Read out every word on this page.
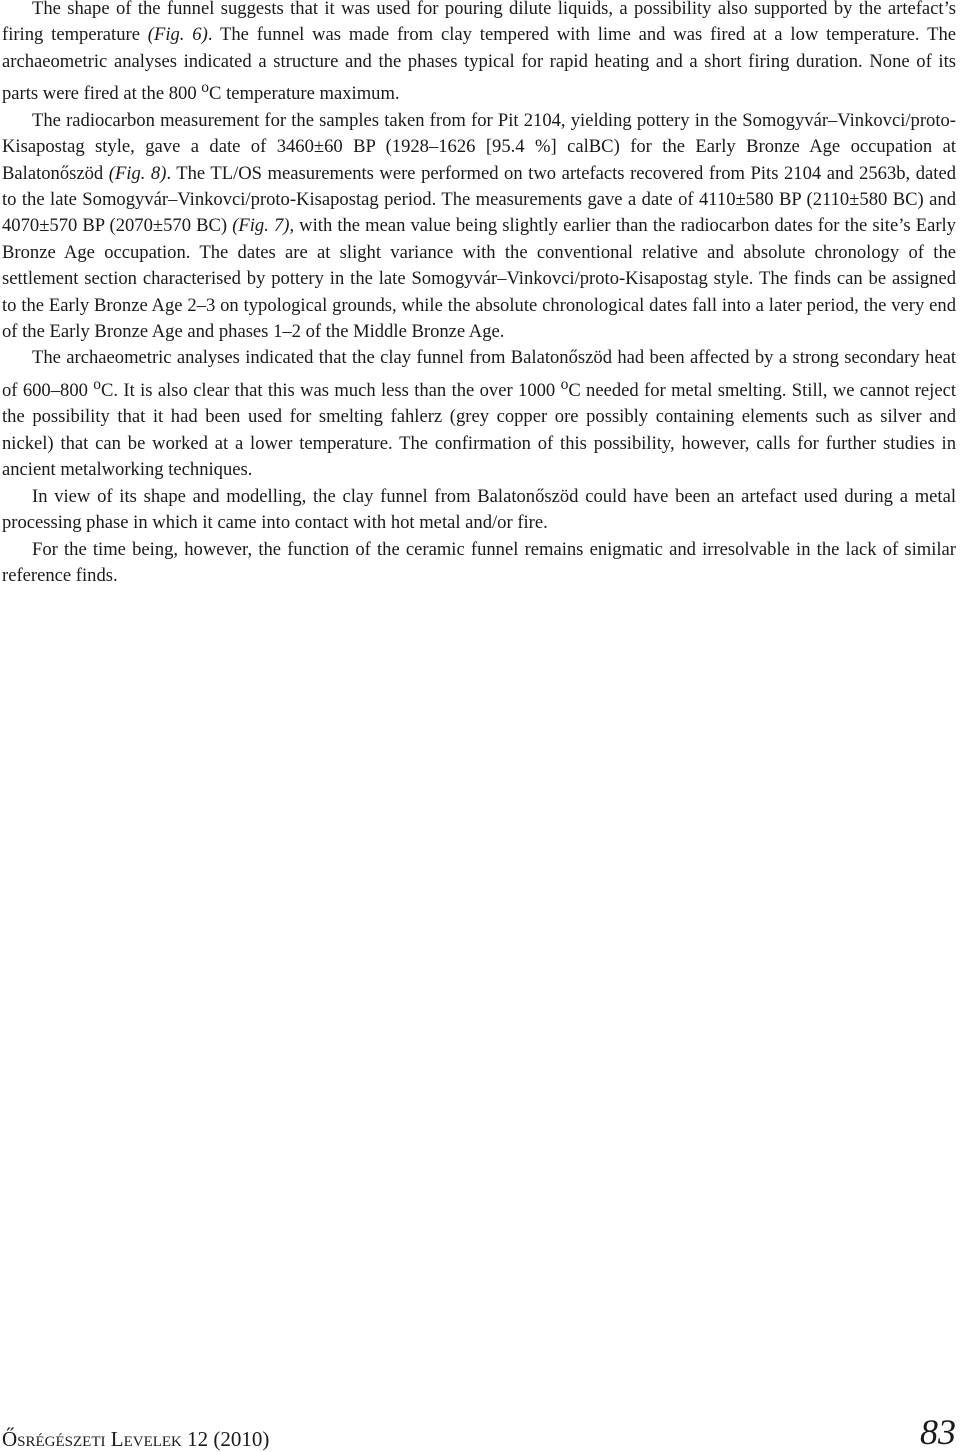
The shape of the funnel suggests that it was used for pouring dilute liquids, a possibility also supported by the artefact’s firing temperature (Fig. 6). The funnel was made from clay tempered with lime and was fired at a low temperature. The archaeometric analyses indicated a structure and the phases typical for rapid heating and a short firing duration. None of its parts were fired at the 800 $^o$C temperature maximum.

The radiocarbon measurement for the samples taken from for Pit 2104, yielding pottery in the Somogyvár–Vinkovci/proto-Kisapostag style, gave a date of 3460±60 BP (1928–1626 [95.4 %] calBC) for the Early Bronze Age occupation at Balatonőszöd (Fig. 8). The TL/OS measurements were performed on two artefacts recovered from Pits 2104 and 2563b, dated to the late Somogyvár–Vinkovci/proto-Kisapostag period. The measurements gave a date of 4110±580 BP (2110±580 BC) and 4070±570 BP (2070±570 BC) (Fig. 7), with the mean value being slightly earlier than the radiocarbon dates for the site’s Early Bronze Age occupation. The dates are at slight variance with the conventional relative and absolute chronology of the settlement section characterised by pottery in the late Somogyvár–Vinkovci/proto-Kisapostag style. The finds can be assigned to the Early Bronze Age 2–3 on typological grounds, while the absolute chronological dates fall into a later period, the very end of the Early Bronze Age and phases 1–2 of the Middle Bronze Age.

The archaeometric analyses indicated that the clay funnel from Balatonőszöd had been affected by a strong secondary heat of 600–800 $^o$C. It is also clear that this was much less than the over 1000 $^o$C needed for metal smelting. Still, we cannot reject the possibility that it had been used for smelting fahlerz (grey copper ore possibly containing elements such as silver and nickel) that can be worked at a lower temperature. The confirmation of this possibility, however, calls for further studies in ancient metalworking techniques.

In view of its shape and modelling, the clay funnel from Balatonőszöd could have been an artefact used during a metal processing phase in which it came into contact with hot metal and/or fire.

For the time being, however, the function of the ceramic funnel remains enigmatic and irresolvable in the lack of similar reference finds.

Ősrégészeti Levelek 12 (2010)	83
